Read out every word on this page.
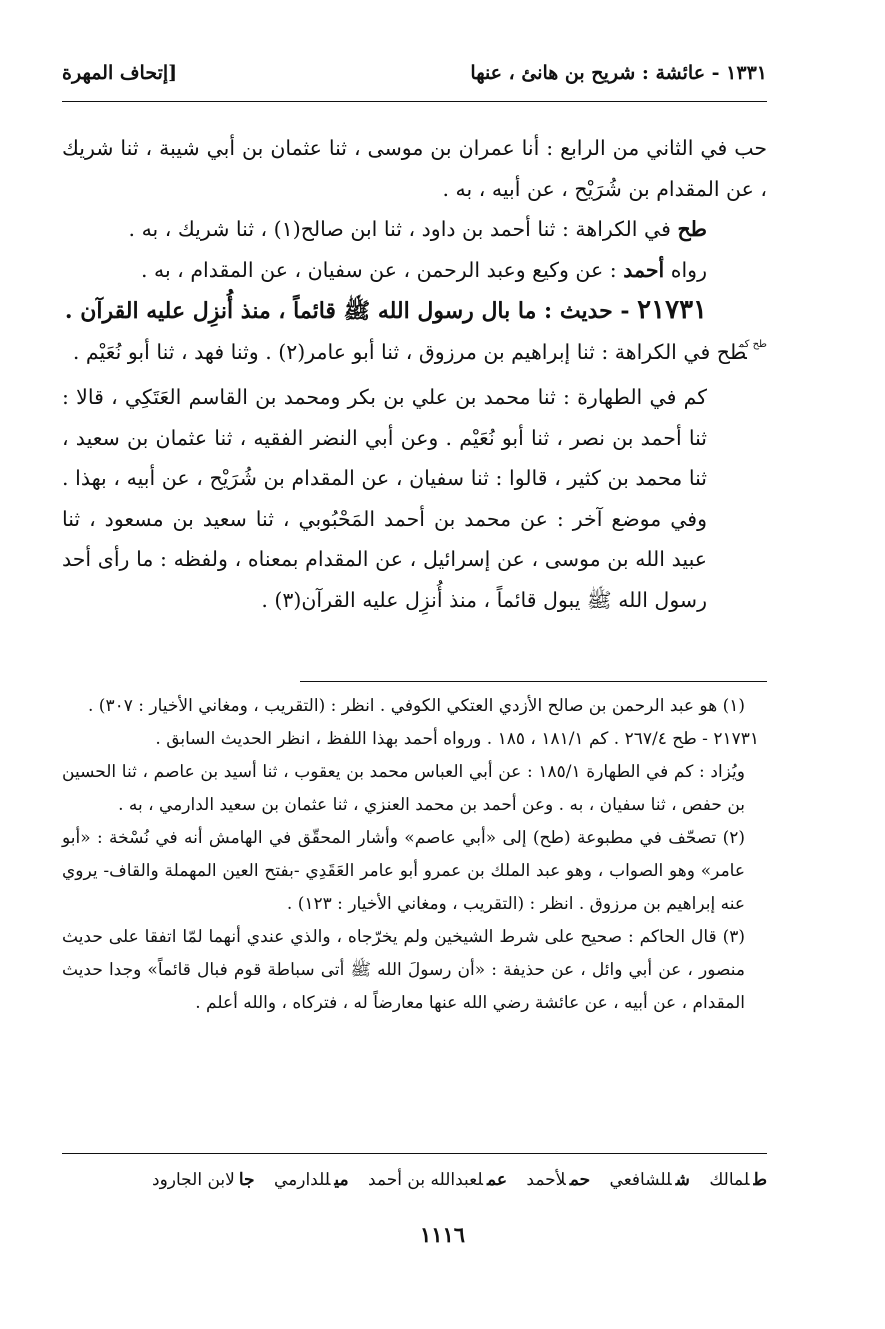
١٣٣١ - عائشة : شريح بن هانئ ، عنها
[إتحاف المهرة

حب في الثاني من الرابع : أنا عمران بن موسى ، ثنا عثمان بن أبي شيبة ، ثنا شريك ، عن المقدام بن شُرَيْح ، عن أبيه ، به .

طح في الكراهة : ثنا أحمد بن داود ، ثنا ابن صالح(١) ، ثنا شريك ، به .

رواه أحمد : عن وكيع وعبد الرحمن ، عن سفيان ، عن المقدام ، به .

٢١٧٣١ - حديث : ما بال رسول الله ﷺ قائماً ، منذ أُنزِل عليه القرآن .

$^{طح كم}$طح في الكراهة : ثنا إبراهيم بن مرزوق ، ثنا أبو عامر(٢) . وثنا فهد ، ثنا أبو نُعَيْم .

كم في الطهارة : ثنا محمد بن علي بن بكر ومحمد بن القاسم العَتَكِي ، قالا : ثنا أحمد بن نصر ، ثنا أبو نُعَيْم . وعن أبي النضر الفقيه ، ثنا عثمان بن سعيد ، ثنا محمد بن كثير ، قالوا : ثنا سفيان ، عن المقدام بن شُرَيْح ، عن أبيه ، بهذا . وفي موضع آخر : عن محمد بن أحمد المَحْبُوبي ، ثنا سعيد بن مسعود ، ثنا عبيد الله بن موسى ، عن إسرائيل ، عن المقدام بمعناه ، ولفظه : ما رأى أحد رسول الله ﷺ يبول قائماً ، منذ أُنزِل عليه القرآن(٣) .

(١) هو عبد الرحمن بن صالح الأزدي العتكي الكوفي . انظر : (التقريب ، ومغاني الأخيار : ٣٠٧) .

٢١٧٣١ - طح ٢٦٧/٤ . كم ١٨١/١ ، ١٨٥ . ورواه أحمد بهذا اللفظ ، انظر الحديث السابق .

ويُزاد : كم في الطهارة ١٨٥/١ : عن أبي العباس محمد بن يعقوب ، ثنا أسيد بن عاصم ، ثنا الحسين بن حفص ، ثنا سفيان ، به . وعن أحمد بن محمد العنزي ، ثنا عثمان بن سعيد الدارمي ، به .

(٢) تصحّف في مطبوعة (طح) إلى «أبي عاصم» وأشار المحقّق في الهامش أنه في نُسْخة : «أبو عامر» وهو الصواب ، وهو عبد الملك بن عمرو أبو عامر العَقَدِي -بفتح العين المهملة والقاف- يروي عنه إبراهيم بن مرزوق . انظر : (التقريب ، ومغاني الأخيار : ١٢٣) .

(٣) قال الحاكم : صحيح على شرط الشيخين ولم يخرّجاه ، والذي عندي أنهما لمّا اتفقا على حديث منصور ، عن أبي وائل ، عن حذيفة : «أن رسولَ الله ﷺ أتى سباطة قوم فبال قائماً» وجدا حديث المقدام ، عن أبيه ، عن عائشة رضي الله عنها معارضاً له ، فتركاه ، والله أعلم .

طلمالك شللشافعي حملأحمد عملعبدالله بن أحمد ميللدارمي جالابن الجارود
١١١٦
